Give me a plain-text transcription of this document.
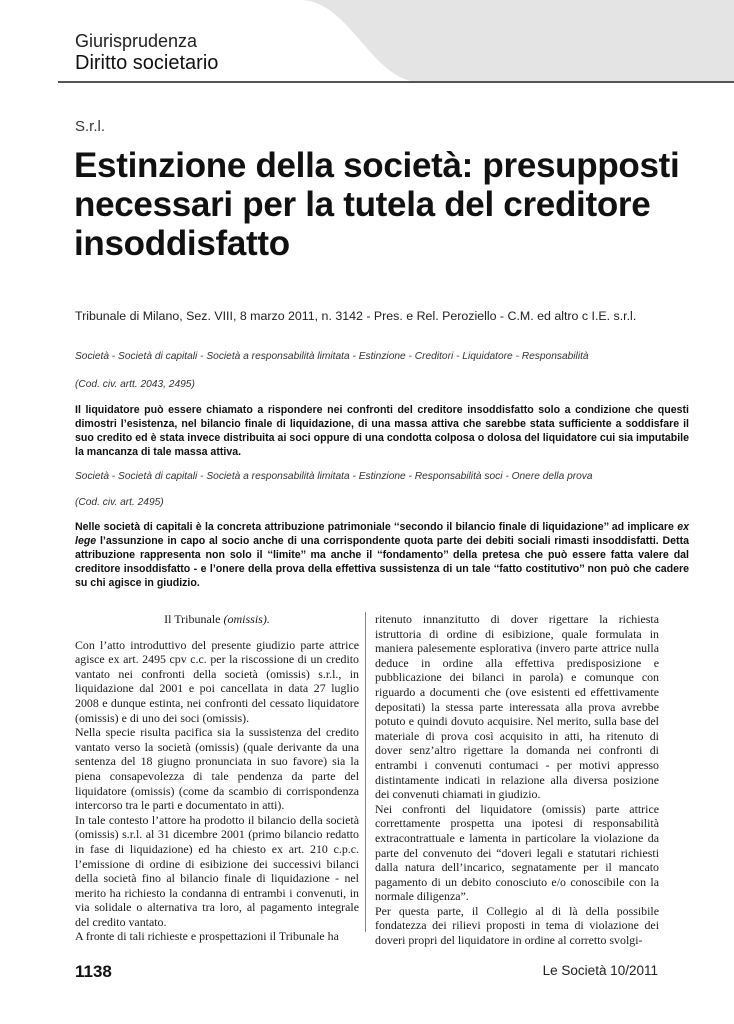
Giurisprudenza
Diritto societario
S.r.l.
Estinzione della società: presupposti necessari per la tutela del creditore insoddisfatto
Tribunale di Milano, Sez. VIII, 8 marzo 2011, n. 3142 - Pres. e Rel. Peroziello - C.M. ed altro c I.E. s.r.l.
Società - Società di capitali - Società a responsabilità limitata - Estinzione - Creditori - Liquidatore - Responsabilità
(Cod. civ. artt. 2043, 2495)
Il liquidatore può essere chiamato a rispondere nei confronti del creditore insoddisfatto solo a condizione che questi dimostri l’esistenza, nel bilancio finale di liquidazione, di una massa attiva che sarebbe stata sufficiente a soddisfare il suo credito ed è stata invece distribuita ai soci oppure di una condotta colposa o dolosa del liquidatore cui sia imputabile la mancanza di tale massa attiva.
Società - Società di capitali - Società a responsabilità limitata - Estinzione - Responsabilità soci - Onere della prova
(Cod. civ. art. 2495)
Nelle società di capitali è la concreta attribuzione patrimoniale ‘‘secondo il bilancio finale di liquidazione’’ ad implicare ex lege l’assunzione in capo al socio anche di una corrispondente quota parte dei debiti sociali rimasti insoddisfatti. Detta attribuzione rappresenta non solo il ‘‘limite’’ ma anche il ‘‘fondamento’’ della pretesa che può essere fatta valere dal creditore insoddisfatto - e l’onere della prova della effettiva sussistenza di un tale ‘‘fatto costitutivo’’ non può che cadere su chi agisce in giudizio.

Il Tribunale (omissis).

Con l’atto introduttivo del presente giudizio parte attrice agisce ex art. 2495 cpv c.c. per la riscossione di un credito vantato nei confronti della società (omissis) s.r.l., in liquidazione dal 2001 e poi cancellata in data 27 luglio 2008 e dunque estinta, nei confronti del cessato liquidatore (omissis) e di uno dei soci (omissis).

Nella specie risulta pacifica sia la sussistenza del credito vantato verso la società (omissis) (quale derivante da una sentenza del 18 giugno pronunciata in suo favore) sia la piena consapevolezza di tale pendenza da parte del liquidatore (omissis) (come da scambio di corrispondenza intercorso tra le parti e documentato in atti).

In tale contesto l’attore ha prodotto il bilancio della società (omissis) s.r.l. al 31 dicembre 2001 (primo bilancio redatto in fase di liquidazione) ed ha chiesto ex art. 210 c.p.c. l’emissione di ordine di esibizione dei successivi bilanci della società fino al bilancio finale di liquidazione - nel merito ha richiesto la condanna di entrambi i convenuti, in via solidale o alternativa tra loro, al pagamento integrale del credito vantato.

A fronte di tali richieste e prospettazioni il Tribunale ha

ritenuto innanzitutto di dover rigettare la richiesta istruttoria di ordine di esibizione, quale formulata in maniera palesemente esplorativa (invero parte attrice nulla deduce in ordine alla effettiva predisposizione e pubblicazione dei bilanci in parola) e comunque con riguardo a documenti che (ove esistenti ed effettivamente depositati) la stessa parte interessata alla prova avrebbe potuto e quindi dovuto acquisire. Nel merito, sulla base del materiale di prova così acquisito in atti, ha ritenuto di dover senz’altro rigettare la domanda nei confronti di entrambi i convenuti contumaci - per motivi appresso distintamente indicati in relazione alla diversa posizione dei convenuti chiamati in giudizio.

Nei confronti del liquidatore (omissis) parte attrice correttamente prospetta una ipotesi di responsabilità extracontrattuale e lamenta in particolare la violazione da parte del convenuto dei “doveri legali e statutari richiesti dalla natura dell’incarico, segnatamente per il mancato pagamento di un debito conosciuto e/o conoscibile con la normale diligenza”.

Per questa parte, il Collegio al di là della possibile fondatezza dei rilievi proposti in tema di violazione dei doveri propri del liquidatore in ordine al corretto svolgi-

1138	Le Società 10/2011
